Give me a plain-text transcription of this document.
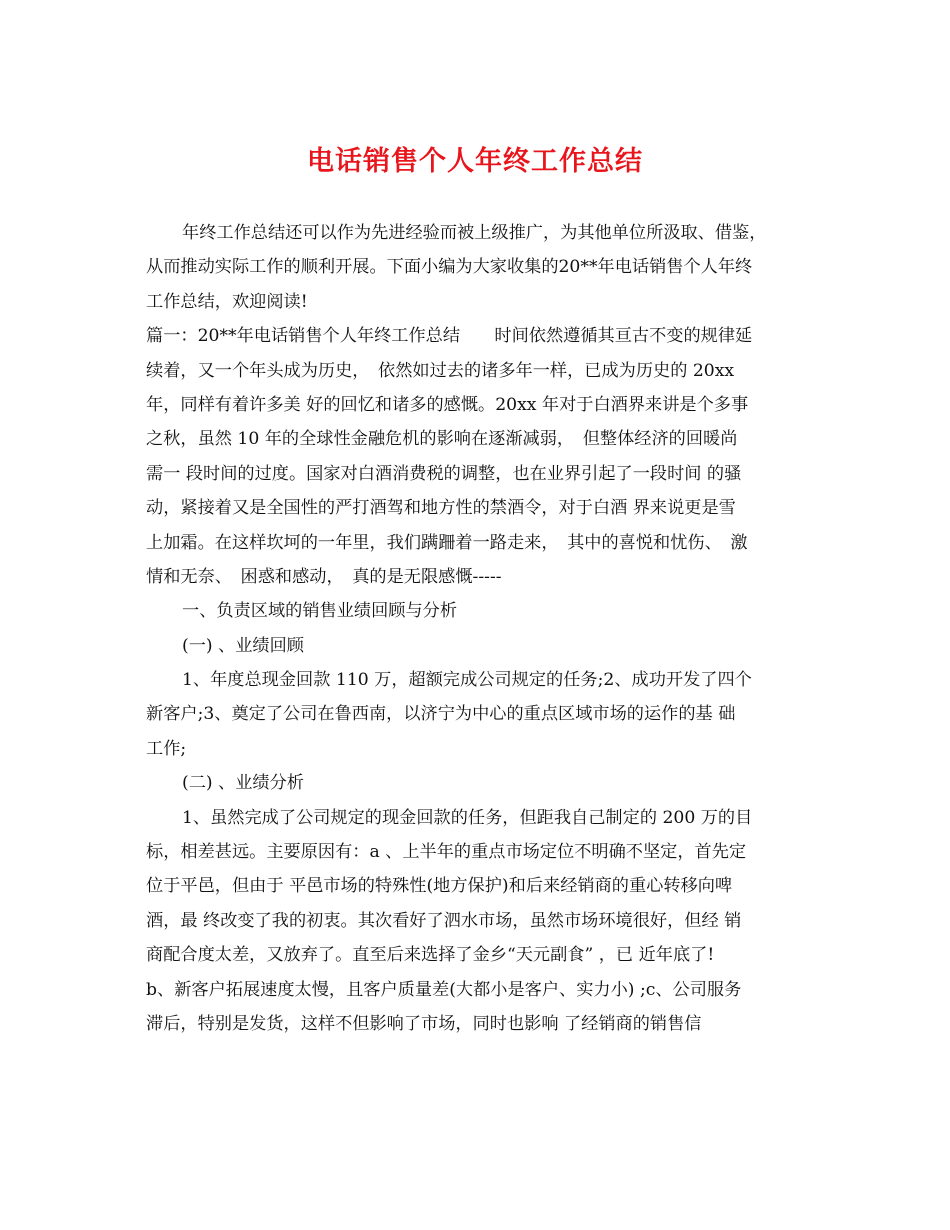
电话销售个人年终工作总结
年终工作总结还可以作为先进经验而被上级推广，为其他单位所汲取、借鉴，
从而推动实际工作的顺利开展。下面小编为大家收集的20**年电话销售个人年终
工作总结，欢迎阅读!
篇一：20**年电话销售个人年终工作总结　　时间依然遵循其亘古不变的规律延
续着，又一个年头成为历史，　依然如过去的诸多年一样，已成为历史的 20xx
年，同样有着许多美 好的回忆和诸多的感慨。20xx 年对于白酒界来讲是个多事
之秋，虽然 10 年的全球性金融危机的影响在逐渐减弱，　但整体经济的回暖尚
需一 段时间的过度。国家对白酒消费税的调整，也在业界引起了一段时间 的骚
动，紧接着又是全国性的严打酒驾和地方性的禁酒令，对于白酒 界来说更是雪
上加霜。在这样坎坷的一年里，我们蹒跚着一路走来，　其中的喜悦和忧伤、　激
情和无奈、　困惑和感动，　真的是无限感慨-----
一、负责区域的销售业绩回顾与分析
(一) 、业绩回顾
1、年度总现金回款 110 万，超额完成公司规定的任务;2、成功开发了四个
新客户;3、奠定了公司在鲁西南，以济宁为中心的重点区域市场的运作的基 础
工作;
(二) 、业绩分析
1、虽然完成了公司规定的现金回款的任务，但距我自己制定的 200 万的目
标，相差甚远。主要原因有：a 、上半年的重点市场定位不明确不坚定，首先定
位于平邑，但由于 平邑市场的特殊性(地方保护)和后来经销商的重心转移向啤
酒，最 终改变了我的初衷。其次看好了泗水市场，虽然市场环境很好，但经 销
商配合度太差，又放弃了。直至后来选择了金乡“天元副食” ，已 近年底了!
b、新客户拓展速度太慢，且客户质量差(大都小是客户、实力小) ;c、公司服务
滞后，特别是发货，这样不但影响了市场，同时也影响 了经销商的销售信
